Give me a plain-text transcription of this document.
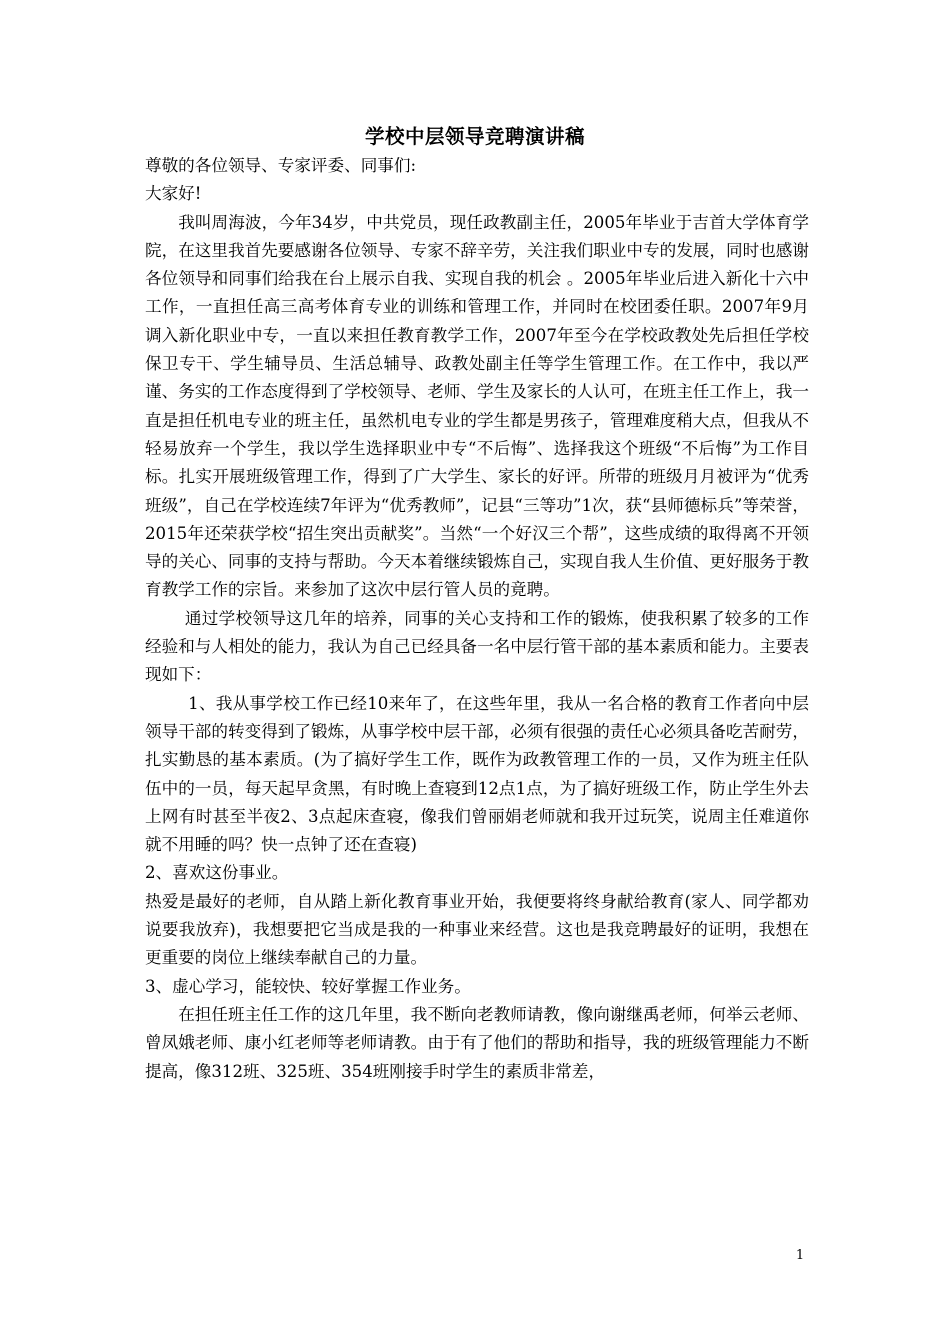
学校中层领导竞聘演讲稿

尊敬的各位领导、专家评委、同事们:

大家好!

我叫周海波，今年34岁，中共党员，现任政教副主任，2005年毕业于吉首大学体育学院，在这里我首先要感谢各位领导、专家不辞辛劳，关注我们职业中专的发展，同时也感谢各位领导和同事们给我在台上展示自我、实现自我的机会 。2005年毕业后进入新化十六中工作，一直担任高三高考体育专业的训练和管理工作，并同时在校团委任职。2007年9月调入新化职业中专，一直以来担任教育教学工作，2007年至今在学校政教处先后担任学校保卫专干、学生辅导员、生活总辅导、政教处副主任等学生管理工作。在工作中，我以严谨、务实的工作态度得到了学校领导、老师、学生及家长的人认可，在班主任工作上，我一直是担任机电专业的班主任，虽然机电专业的学生都是男孩子，管理难度稍大点，但我从不轻易放弃一个学生，我以学生选择职业中专“不后悔”、选择我这个班级“不后悔”为工作目标。扎实开展班级管理工作，得到了广大学生、家长的好评。所带的班级月月被评为“优秀班级”，自己在学校连续7年评为“优秀教师”，记县“三等功”1次，获“县师德标兵”等荣誉，2015年还荣获学校“招生突出贡献奖”。当然“一个好汉三个帮”，这些成绩的取得离不开领导的关心、同事的支持与帮助。今天本着继续锻炼自己，实现自我人生价值、更好服务于教育教学工作的宗旨。来参加了这次中层行管人员的竟聘。

通过学校领导这几年的培养，同事的关心支持和工作的锻炼，使我积累了较多的工作经验和与人相处的能力，我认为自己已经具备一名中层行管干部的基本素质和能力。主要表现如下：

1、我从事学校工作已经10来年了，在这些年里，我从一名合格的教育工作者向中层领导干部的转变得到了锻炼，从事学校中层干部，必须有很强的责任心必须具备吃苦耐劳，扎实勤恳的基本素质。(为了搞好学生工作，既作为政教管理工作的一员，又作为班主任队伍中的一员，每天起早贪黑，有时晚上查寝到12点1点，为了搞好班级工作，防止学生外去上网有时甚至半夜2、3点起床查寝，像我们曾丽娟老师就和我开过玩笑，说周主任难道你就不用睡的吗？快一点钟了还在查寝)

2、喜欢这份事业。

热爱是最好的老师，自从踏上新化教育事业开始，我便要将终身献给教育(家人、同学都劝说要我放弃)，我想要把它当成是我的一种事业来经营。这也是我竞聘最好的证明，我想在更重要的岗位上继续奉献自己的力量。

3、虚心学习，能较快、较好掌握工作业务。

在担任班主任工作的这几年里，我不断向老教师请教，像向谢继禹老师，何举云老师、曾凤娥老师、康小红老师等老师请教。由于有了他们的帮助和指导，我的班级管理能力不断提高，像312班、325班、354班刚接手时学生的素质非常差，

1
